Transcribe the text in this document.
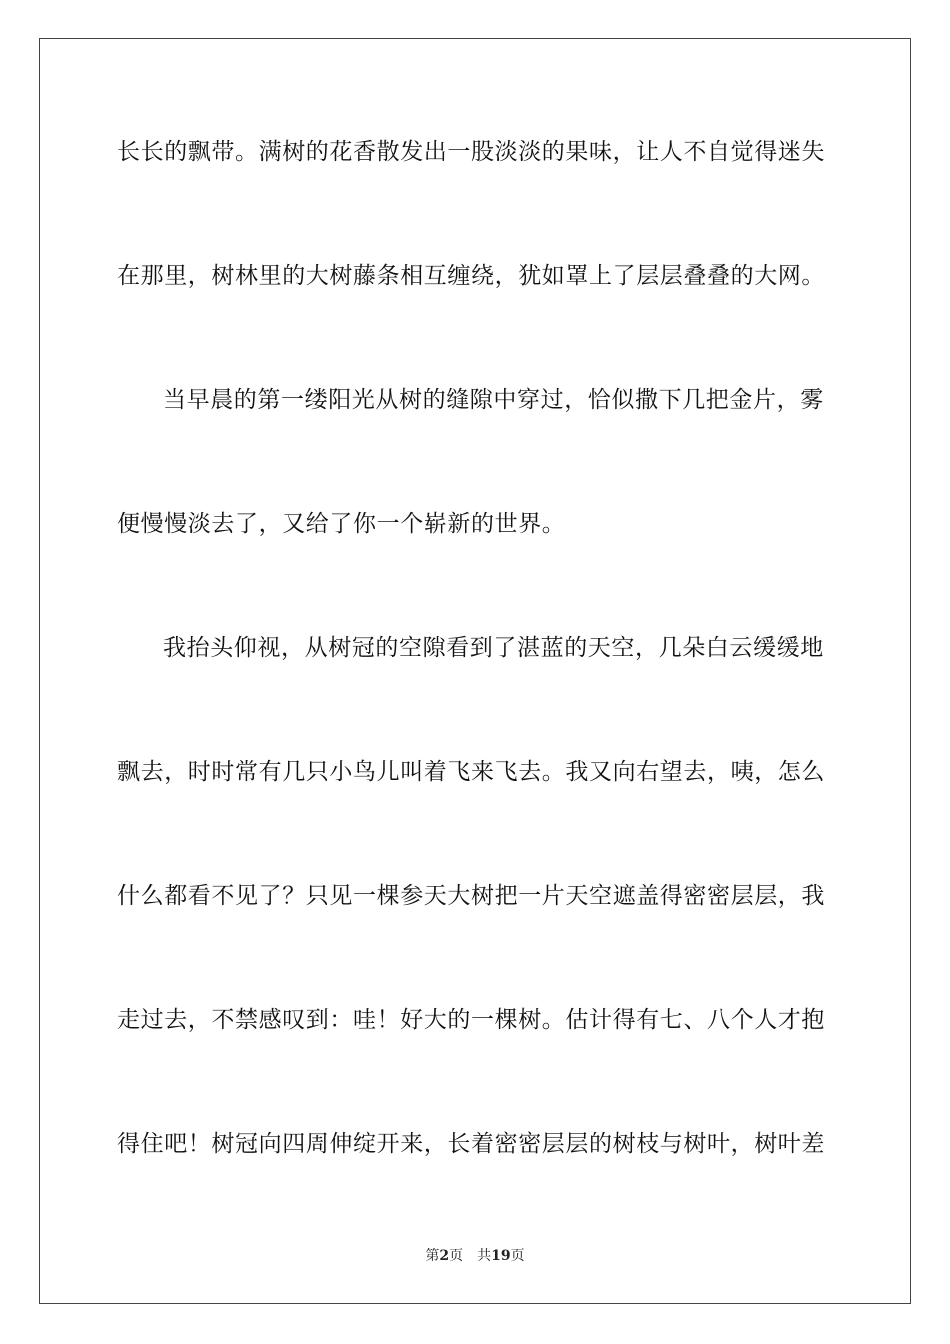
长长的飘带。满树的花香散发出一股淡淡的果味，让人不自觉得迷失
在那里，树林里的大树藤条相互缠绕，犹如罩上了层层叠叠的大网。
当早晨的第一缕阳光从树的缝隙中穿过，恰似撒下几把金片，雾
便慢慢淡去了，又给了你一个崭新的世界。
我抬头仰视，从树冠的空隙看到了湛蓝的天空，几朵白云缓缓地
飘去，时时常有几只小鸟儿叫着飞来飞去。我又向右望去，咦，怎么
什么都看不见了？只见一棵参天大树把一片天空遮盖得密密层层，我
走过去，不禁感叹到：哇！好大的一棵树。估计得有七、八个人才抱
得住吧！树冠向四周伸绽开来，长着密密层层的树枝与树叶，树叶差
第2页 共19页
